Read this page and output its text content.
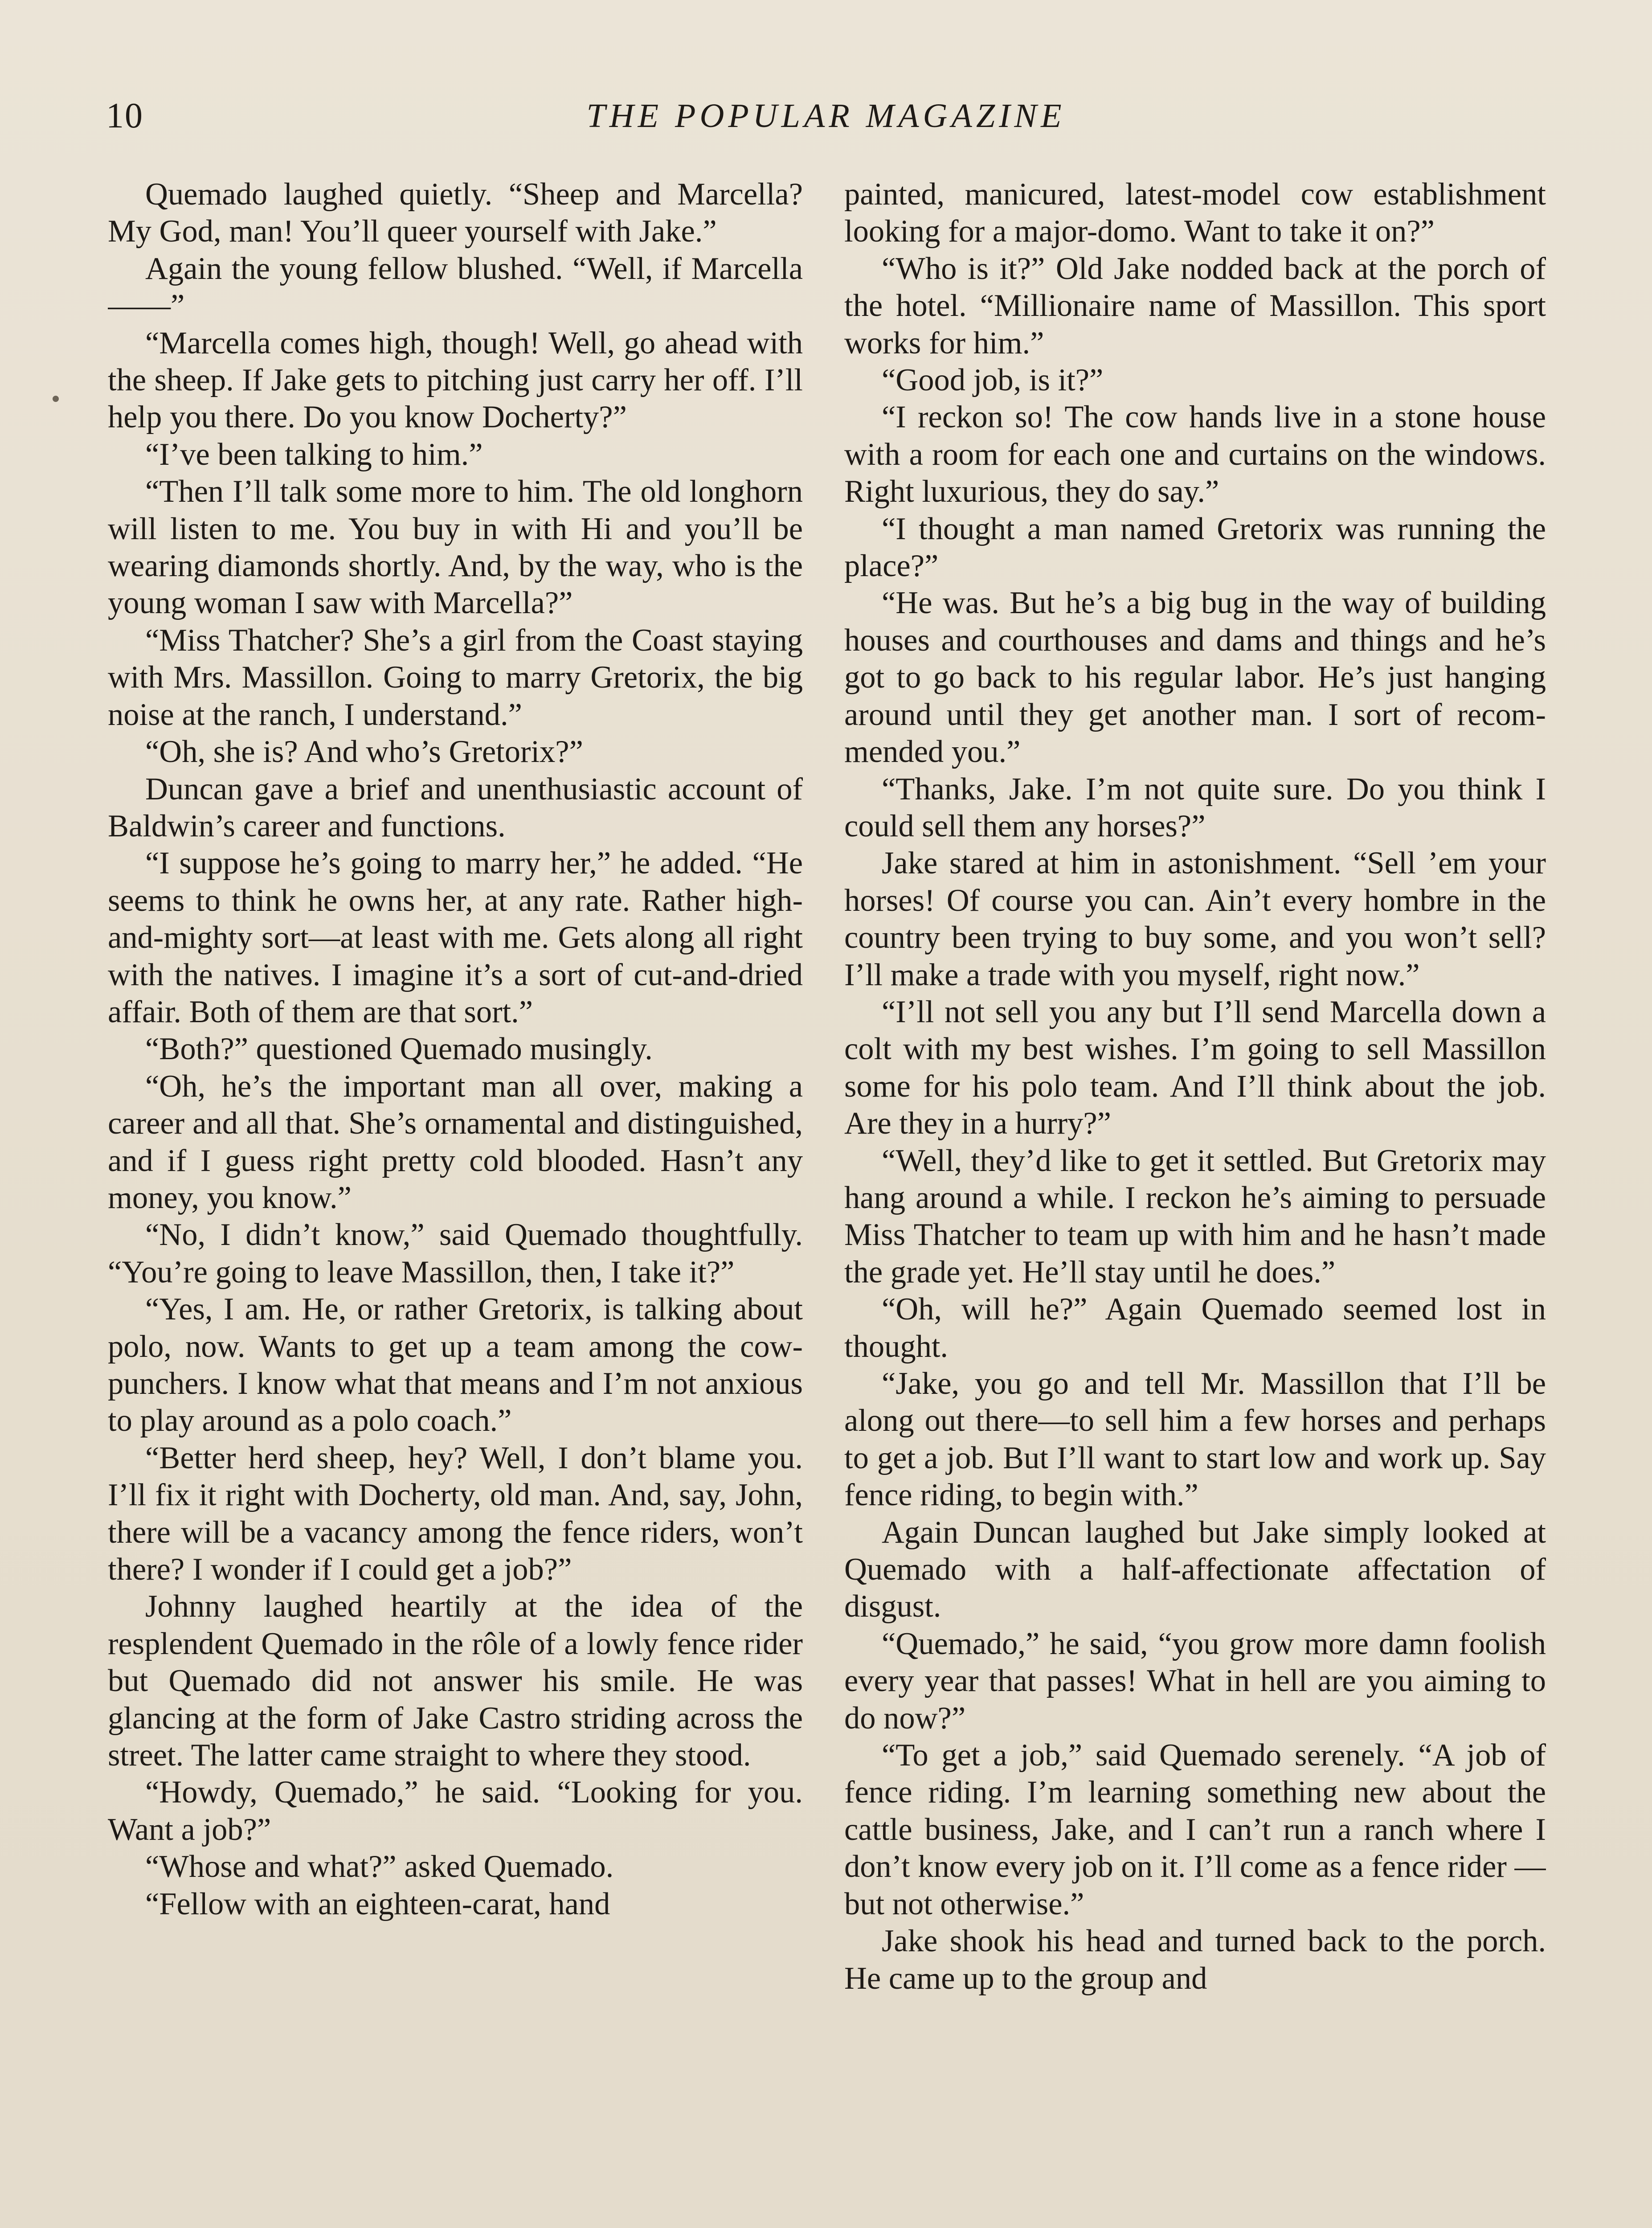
10	THE POPULAR MAGAZINE

Quemado laughed quietly. “Sheep and Marcella? My God, man! You’ll queer yourself with Jake.”

Again the young fellow blushed. “Well, if Marcella——”

“Marcella comes high, though! Well, go ahead with the sheep. If Jake gets to pitching just carry her off. I’ll help you there. Do you know Docherty?”

“I’ve been talking to him.”

“Then I’ll talk some more to him. The old longhorn will listen to me. You buy in with Hi and you’ll be wearing diamonds shortly. And, by the way, who is the young woman I saw with Marcella?”

“Miss Thatcher? She’s a girl from the Coast staying with Mrs. Massillon. Going to marry Gretorix, the big noise at the ranch, I understand.”

“Oh, she is? And who’s Gretorix?”

Duncan gave a brief and unenthusiastic account of Baldwin’s career and functions.

“I suppose he’s going to marry her,” he added. “He seems to think he owns her, at any rate. Rather high-and-mighty sort—at least with me. Gets along all right with the natives. I imagine it’s a sort of cut-and-dried affair. Both of them are that sort.”

“Both?” questioned Quemado musingly.

“Oh, he’s the important man all over, making a career and all that. She’s ornamental and distinguished, and if I guess right pretty cold blooded. Hasn’t any money, you know.”

“No, I didn’t know,” said Quemado thoughtfully. “You’re going to leave Massillon, then, I take it?”

“Yes, I am. He, or rather Gretorix, is talking about polo, now. Wants to get up a team among the cow-punchers. I know what that means and I’m not anxious to play around as a polo coach.”

“Better herd sheep, hey? Well, I don’t blame you. I’ll fix it right with Docherty, old man. And, say, John, there will be a vacancy among the fence riders, won’t there? I wonder if I could get a job?”

Johnny laughed heartily at the idea of the resplendent Quemado in the rôle of a lowly fence rider but Quemado did not answer his smile. He was glancing at the form of Jake Castro striding across the street. The latter came straight to where they stood.

“Howdy, Quemado,” he said. “Looking for you. Want a job?”

“Whose and what?” asked Quemado.

“Fellow with an eighteen-carat, hand

painted, manicured, latest-model cow establishment looking for a major-domo. Want to take it on?”

“Who is it?” Old Jake nodded back at the porch of the hotel. “Millionaire name of Massillon. This sport works for him.”

“Good job, is it?”

“I reckon so! The cow hands live in a stone house with a room for each one and curtains on the windows. Right luxurious, they do say.”

“I thought a man named Gretorix was running the place?”

“He was. But he’s a big bug in the way of building houses and courthouses and dams and things and he’s got to go back to his regular labor. He’s just hanging around until they get another man. I sort of recommended you.”

“Thanks, Jake. I’m not quite sure. Do you think I could sell them any horses?”

Jake stared at him in astonishment. “Sell ’em your horses! Of course you can. Ain’t every hombre in the country been trying to buy some, and you won’t sell? I’ll make a trade with you myself, right now.”

“I’ll not sell you any but I’ll send Marcella down a colt with my best wishes. I’m going to sell Massillon some for his polo team. And I’ll think about the job. Are they in a hurry?”

“Well, they’d like to get it settled. But Gretorix may hang around a while. I reckon he’s aiming to persuade Miss Thatcher to team up with him and he hasn’t made the grade yet. He’ll stay until he does.”

“Oh, will he?” Again Quemado seemed lost in thought.

“Jake, you go and tell Mr. Massillon that I’ll be along out there—to sell him a few horses and perhaps to get a job. But I’ll want to start low and work up. Say fence riding, to begin with.”

Again Duncan laughed but Jake simply looked at Quemado with a half-affectionate affectation of disgust.

“Quemado,” he said, “you grow more damn foolish every year that passes! What in hell are you aiming to do now?”

“To get a job,” said Quemado serenely. “A job of fence riding. I’m learning something new about the cattle business, Jake, and I can’t run a ranch where I don’t know every job on it. I’ll come as a fence rider —but not otherwise.”

Jake shook his head and turned back to the porch. He came up to the group and
